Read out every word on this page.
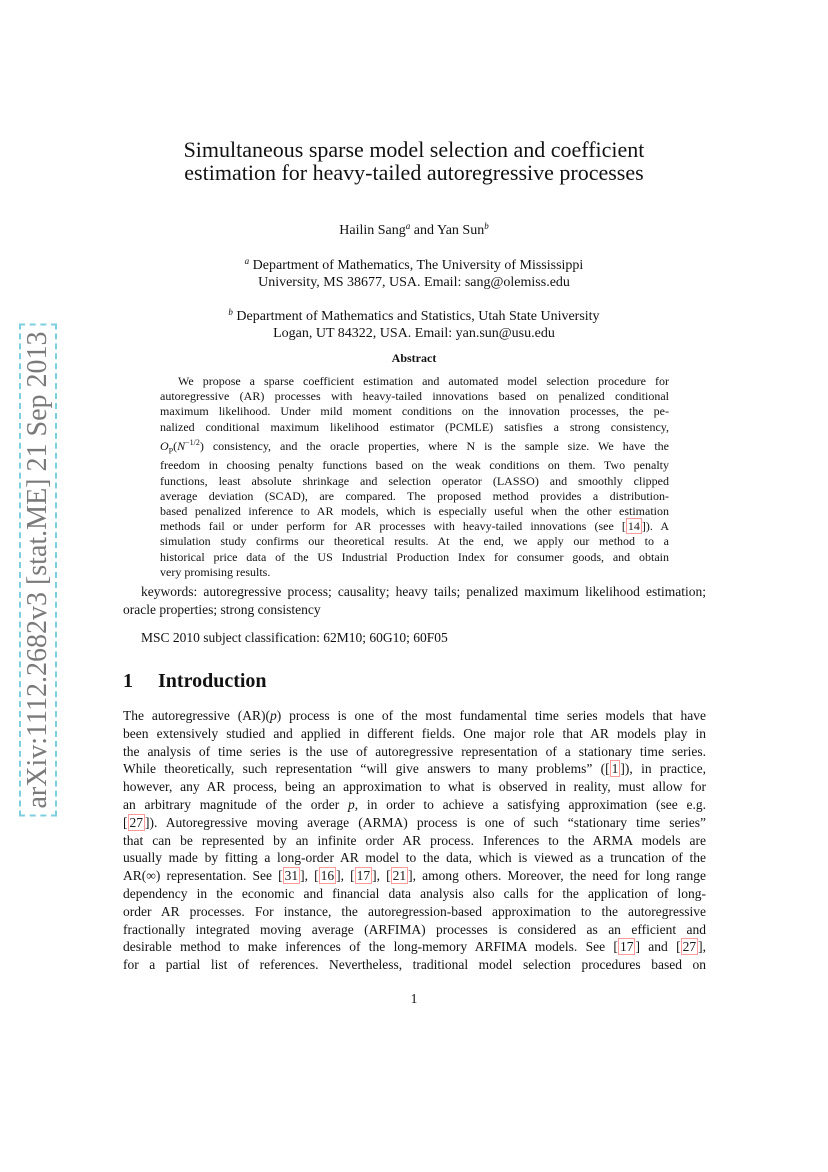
arXiv:1112.2682v3 [stat.ME] 21 Sep 2013
Simultaneous sparse model selection and coefficient
estimation for heavy-tailed autoregressive processes
Hailin Sang$^a$ and Yan Sun$^b$
$^a$ Department of Mathematics, The University of Mississippi
University, MS 38677, USA. Email: sang@olemiss.edu
$^b$ Department of Mathematics and Statistics, Utah State University
Logan, UT 84322, USA. Email: yan.sun@usu.edu
Abstract
We propose a sparse coefficient estimation and automated model selection procedure for
autoregressive (AR) processes with heavy-tailed innovations based on penalized conditional
maximum likelihood. Under mild moment conditions on the innovation processes, the pe-
nalized conditional maximum likelihood estimator (PCMLE) satisfies a strong consistency,
$O_P(N^{-1/2})$ consistency, and the oracle properties, where N is the sample size. We have the
freedom in choosing penalty functions based on the weak conditions on them. Two penalty
functions, least absolute shrinkage and selection operator (LASSO) and smoothly clipped
average deviation (SCAD), are compared. The proposed method provides a distribution-
based penalized inference to AR models, which is especially useful when the other estimation
methods fail or under perform for AR processes with heavy-tailed innovations (see [ 14 ]). A
simulation study confirms our theoretical results. At the end, we apply our method to a
historical price data of the US Industrial Production Index for consumer goods, and obtain
very promising results.
keywords: autoregressive process; causality; heavy tails; penalized maximum likelihood estimation; oracle properties; strong consistency
MSC 2010 subject classification: 62M10; 60G10; 60F05
1 Introduction
The autoregressive (AR)(p) process is one of the most fundamental time series models that have
been extensively studied and applied in different fields. One major role that AR models play in
the analysis of time series is the use of autoregressive representation of a stationary time series.
While theoretically, such representation “will give answers to many problems” ([ 1 ]), in practice,
however, any AR process, being an approximation to what is observed in reality, must allow for
an arbitrary magnitude of the order p, in order to achieve a satisfying approximation (see e.g.
[ 27 ]). Autoregressive moving average (ARMA) process is one of such “stationary time series”
that can be represented by an infinite order AR process. Inferences to the ARMA models are
usually made by fitting a long-order AR model to the data, which is viewed as a truncation of the
AR(∞) representation. See [ 31 ], [ 16 ], [ 17 ], [ 21 ], among others. Moreover, the need for long range
dependency in the economic and financial data analysis also calls for the application of long-
order AR processes. For instance, the autoregression-based approximation to the autoregressive
fractionally integrated moving average (ARFIMA) processes is considered as an efficient and
desirable method to make inferences of the long-memory ARFIMA models. See [ 17 ] and [ 27 ],
for a partial list of references. Nevertheless, traditional model selection procedures based on
1
